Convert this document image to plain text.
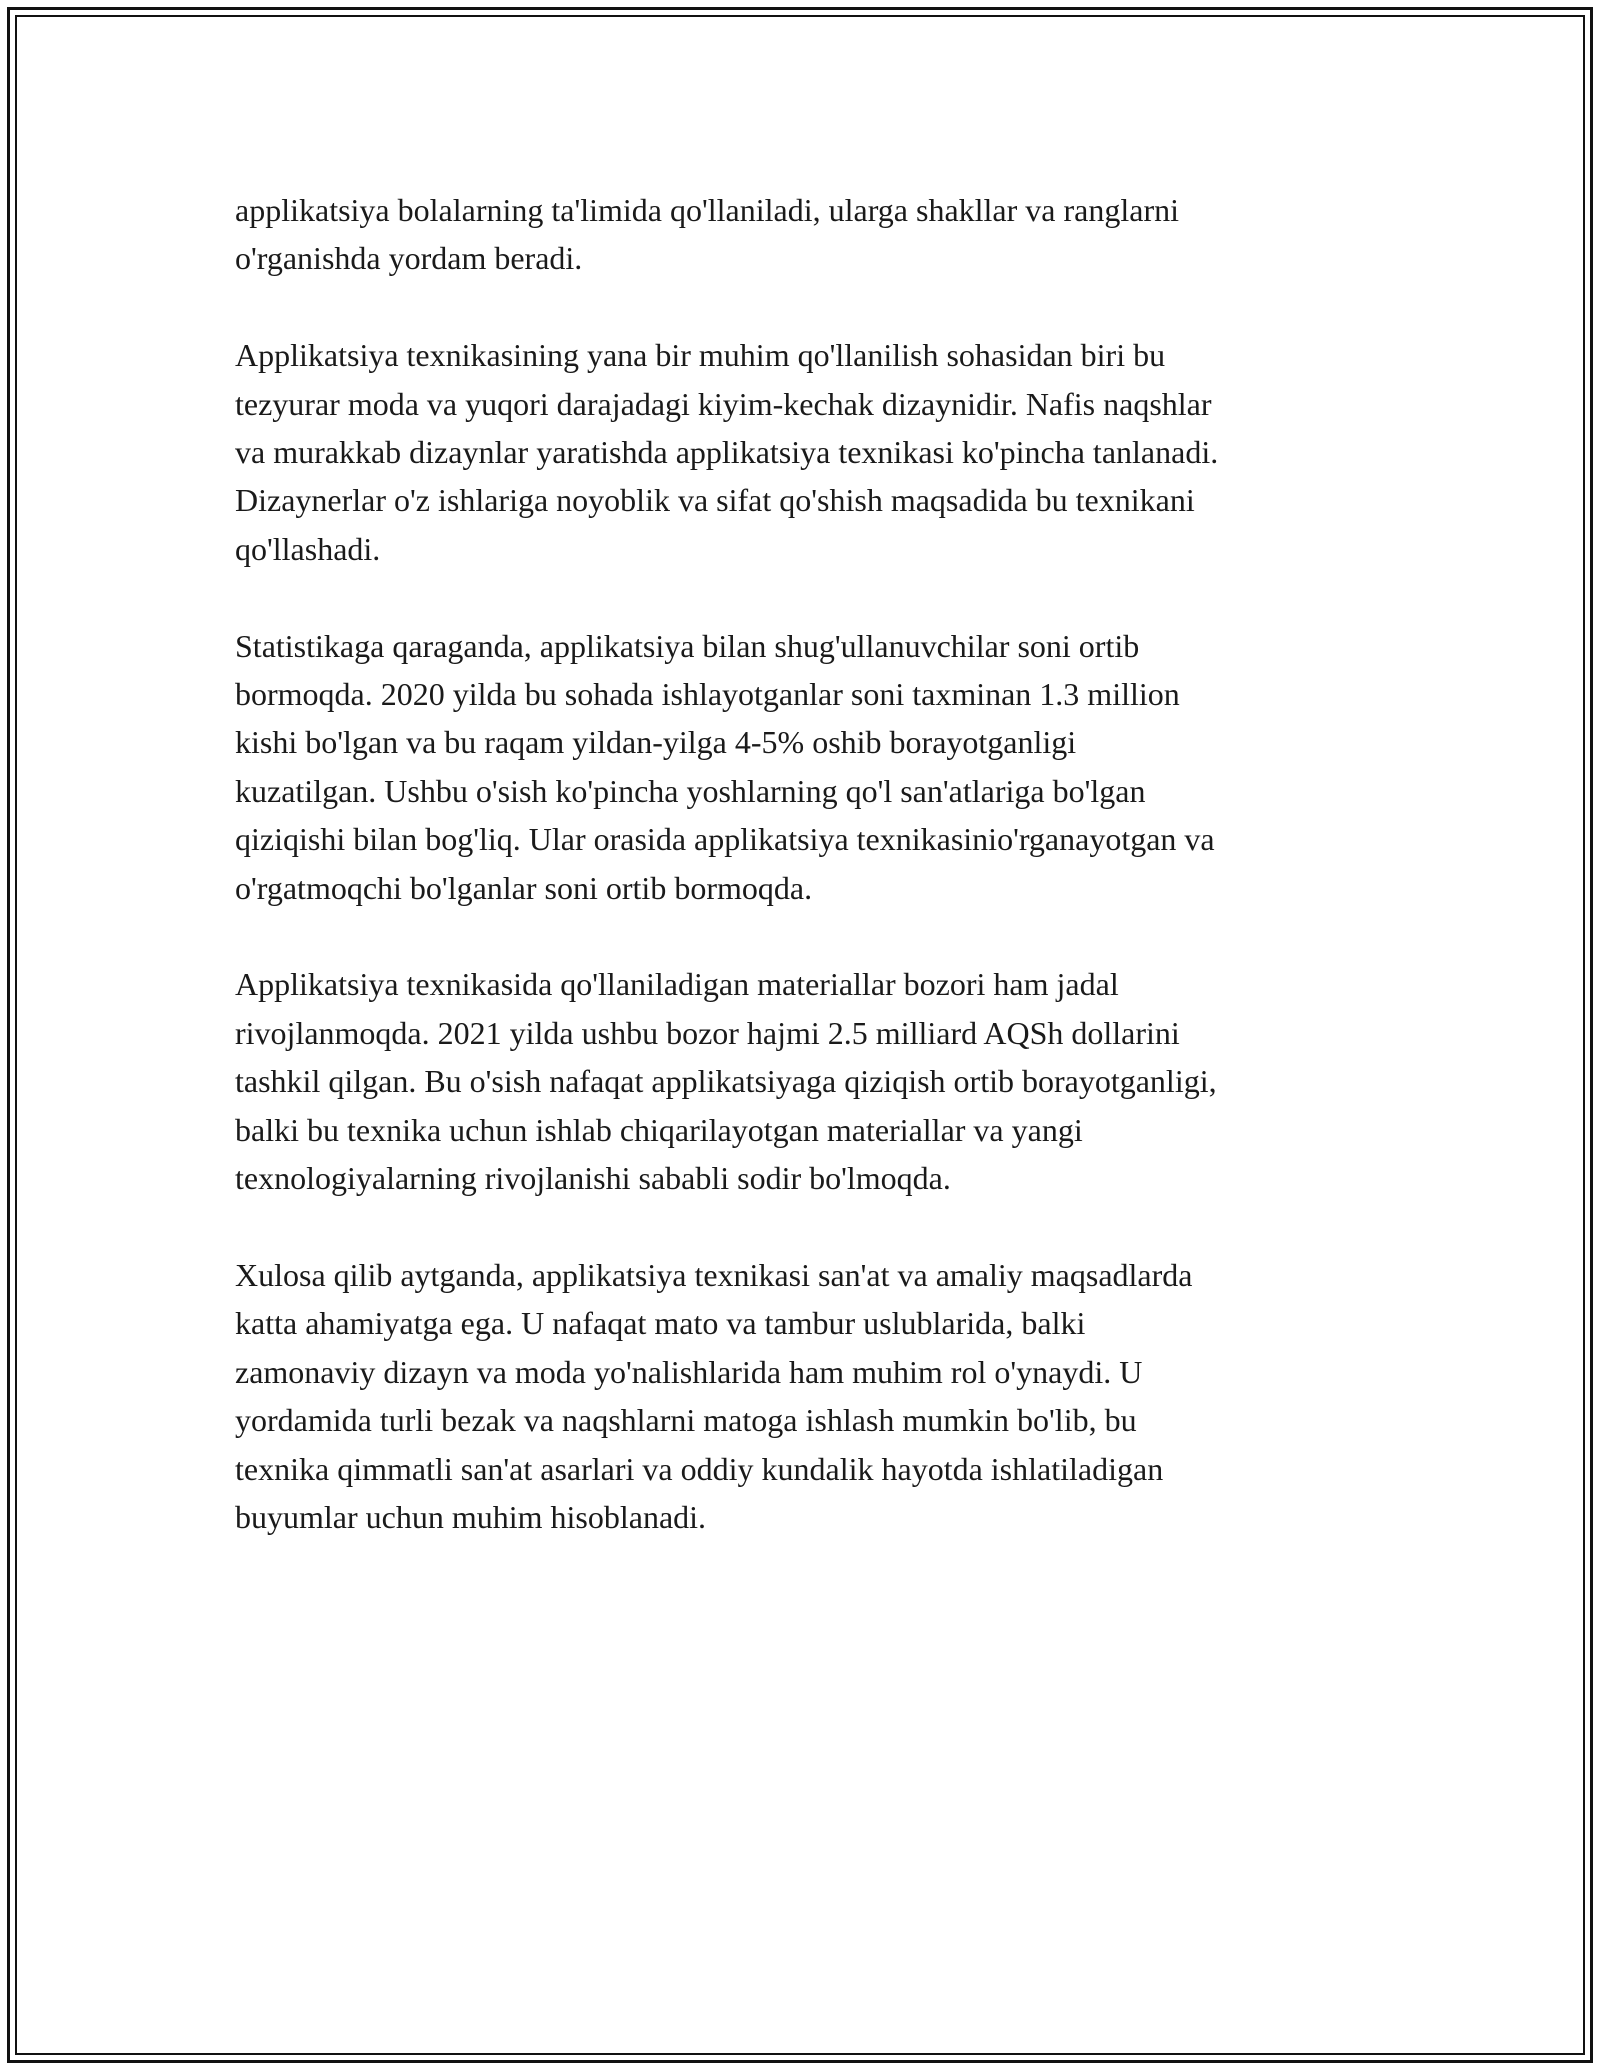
applikatsiya bolalarning ta'limida qo'llaniladi, ularga shakllar va ranglarni
o'rganishda yordam beradi.

Applikatsiya texnikasining yana bir muhim qo'llanilish sohasidan biri bu
tezyurar moda va yuqori darajadagi kiyim-kechak dizaynidir. Nafis naqshlar
va murakkab dizaynlar yaratishda applikatsiya texnikasi ko'pincha tanlanadi.
Dizaynerlar o'z ishlariga noyoblik va sifat qo'shish maqsadida bu texnikani
qo'llashadi.

Statistikaga qaraganda, applikatsiya bilan shug'ullanuvchilar soni ortib
bormoqda. 2020 yilda bu sohada ishlayotganlar soni taxminan 1.3 million
kishi bo'lgan va bu raqam yildan-yilga 4-5% oshib borayotganligi
kuzatilgan. Ushbu o'sish ko'pincha yoshlarning qo'l san'atlariga bo'lgan
qiziqishi bilan bog'liq. Ular orasida applikatsiya texnikasinio'rganayotgan va
o'rgatmoqchi bo'lganlar soni ortib bormoqda.

Applikatsiya texnikasida qo'llaniladigan materiallar bozori ham jadal
rivojlanmoqda. 2021 yilda ushbu bozor hajmi 2.5 milliard AQSh dollarini
tashkil qilgan. Bu o'sish nafaqat applikatsiyaga qiziqish ortib borayotganligi,
balki bu texnika uchun ishlab chiqarilayotgan materiallar va yangi
texnologiyalarning rivojlanishi sababli sodir bo'lmoqda.

Xulosa qilib aytganda, applikatsiya texnikasi san'at va amaliy maqsadlarda
katta ahamiyatga ega. U nafaqat mato va tambur uslublarida, balki
zamonaviy dizayn va moda yo'nalishlarida ham muhim rol o'ynaydi. U
yordamida turli bezak va naqshlarni matoga ishlash mumkin bo'lib, bu
texnika qimmatli san'at asarlari va oddiy kundalik hayotda ishlatiladigan
buyumlar uchun muhim hisoblanadi.
